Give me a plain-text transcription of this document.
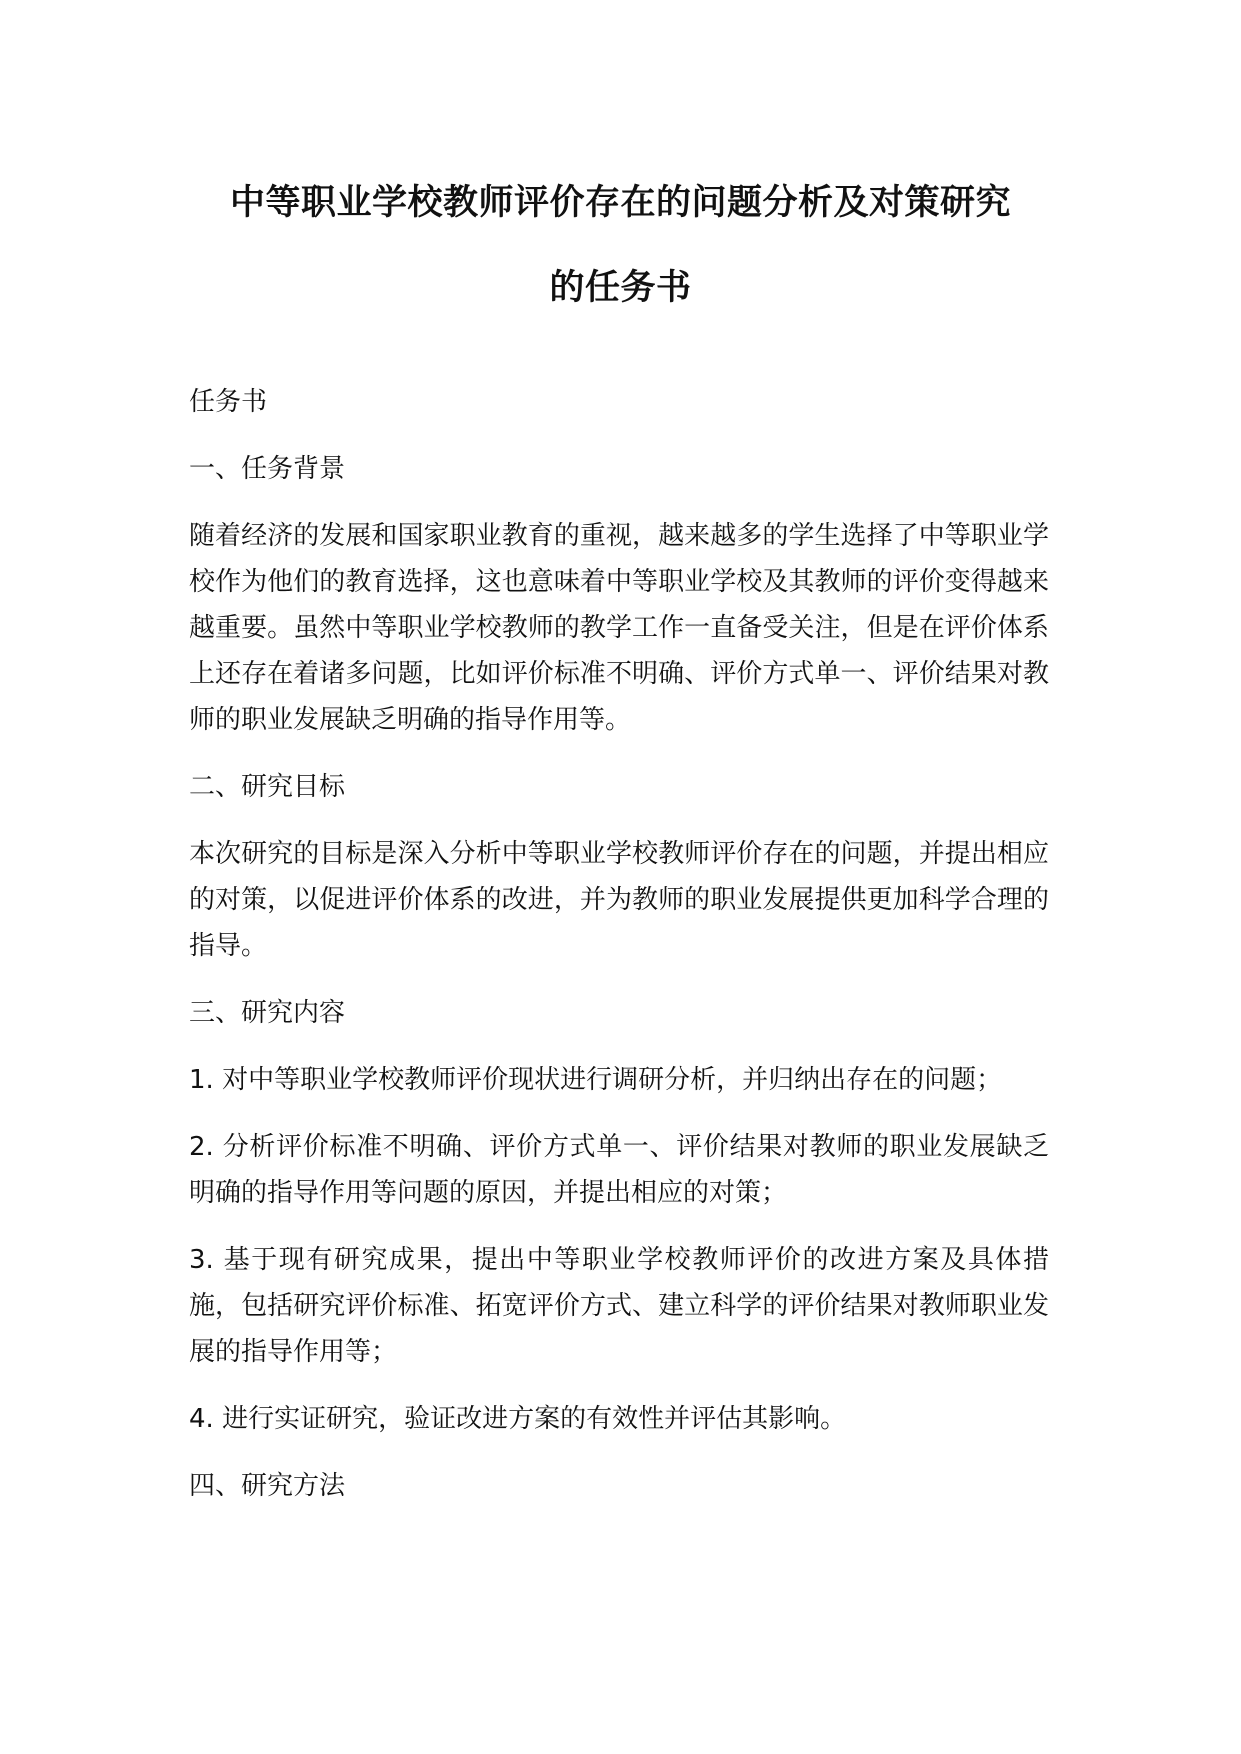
中等职业学校教师评价存在的问题分析及对策研究
的任务书

任务书

一、任务背景

随着经济的发展和国家职业教育的重视，越来越多的学生选择了中等职业学校作为他们的教育选择，这也意味着中等职业学校及其教师的评价变得越来越重要。虽然中等职业学校教师的教学工作一直备受关注，但是在评价体系上还存在着诸多问题，比如评价标准不明确、评价方式单一、评价结果对教师的职业发展缺乏明确的指导作用等。

二、研究目标

本次研究的目标是深入分析中等职业学校教师评价存在的问题，并提出相应的对策，以促进评价体系的改进，并为教师的职业发展提供更加科学合理的指导。

三、研究内容

1. 对中等职业学校教师评价现状进行调研分析，并归纳出存在的问题；

2. 分析评价标准不明确、评价方式单一、评价结果对教师的职业发展缺乏明确的指导作用等问题的原因，并提出相应的对策；

3. 基于现有研究成果，提出中等职业学校教师评价的改进方案及具体措施，包括研究评价标准、拓宽评价方式、建立科学的评价结果对教师职业发展的指导作用等；

4. 进行实证研究，验证改进方案的有效性并评估其影响。

四、研究方法
